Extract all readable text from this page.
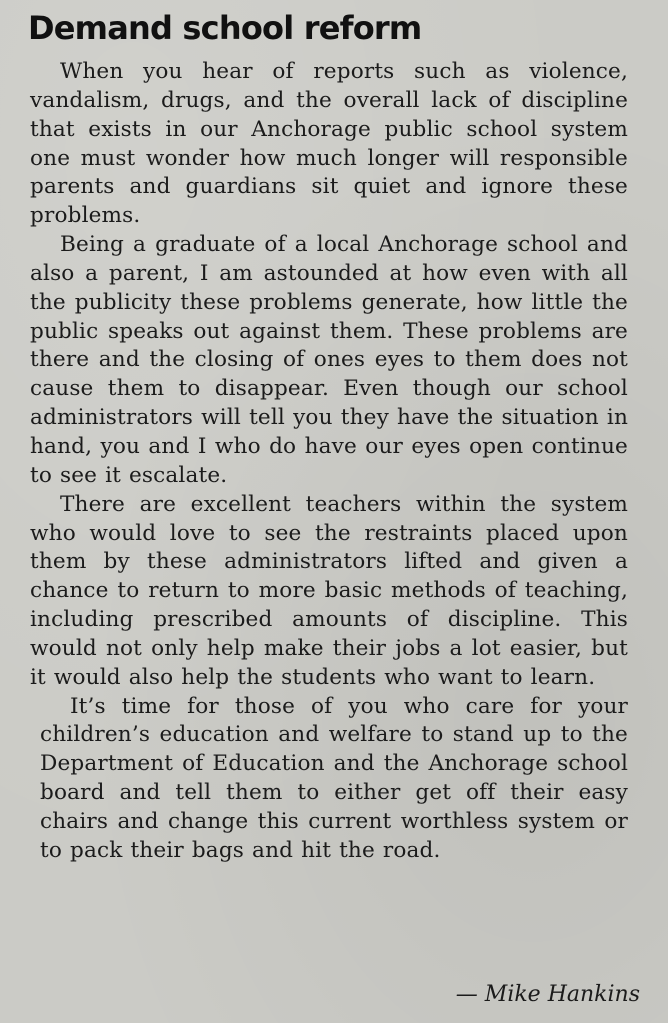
Demand school reform

When you hear of reports such as violence, vandalism, drugs, and the overall lack of discipline that exists in our Anchorage public school system one must wonder how much longer will responsible parents and guardians sit quiet and ignore these problems.

Being a graduate of a local Anchorage school and also a parent, I am astounded at how even with all the publicity these problems generate, how little the public speaks out against them. These problems are there and the closing of ones eyes to them does not cause them to disappear. Even though our school administrators will tell you they have the situation in hand, you and I who do have our eyes open continue to see it escalate.

There are excellent teachers within the system who would love to see the restraints placed upon them by these administrators lifted and given a chance to return to more basic methods of teaching, including prescribed amounts of discipline. This would not only help make their jobs a lot easier, but it would also help the students who want to learn.

It’s time for those of you who care for your children’s education and welfare to stand up to the Department of Education and the Anchorage school board and tell them to either get off their easy chairs and change this current worthless system or to pack their bags and hit the road.

— Mike Hankins
